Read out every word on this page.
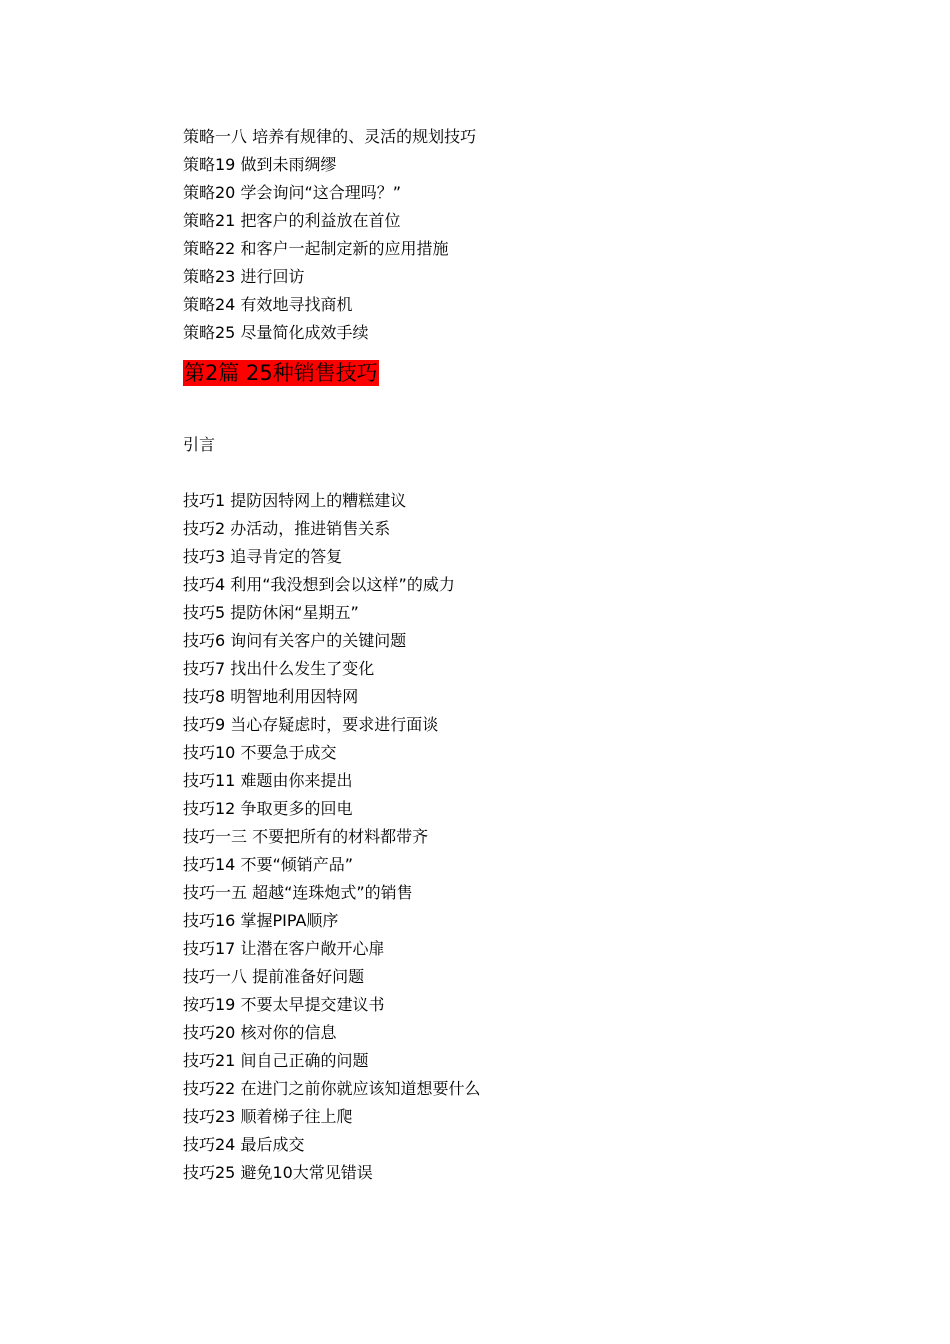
策略一八 培养有规律的、灵活的规划技巧
策略19 做到未雨绸缪
策略20 学会询问“这合理吗？”
策略21 把客户的利益放在首位
策略22 和客户一起制定新的应用措施
策略23 进行回访
策略24 有效地寻找商机
策略25 尽量简化成效手续
第2篇 25种销售技巧
引言
技巧1 提防因特网上的糟糕建议
技巧2 办活动，推进销售关系
技巧3 追寻肯定的答复
技巧4 利用“我没想到会以这样”的威力
技巧5 提防休闲“星期五”
技巧6 询问有关客户的关键问题
技巧7 找出什么发生了变化
技巧8 明智地利用因特网
技巧9 当心存疑虑时，要求进行面谈
技巧10 不要急于成交
技巧11 难题由你来提出
技巧12 争取更多的回电
技巧一三 不要把所有的材料都带齐
技巧14 不要“倾销产品”
技巧一五 超越“连珠炮式”的销售
技巧16 掌握PIPA顺序
技巧17 让潜在客户敞开心扉
技巧一八 提前准备好问题
按巧19 不要太早提交建议书
技巧20 核对你的信息
技巧21 间自己正确的问题
技巧22 在进门之前你就应该知道想要什么
技巧23 顺着梯子往上爬
技巧24 最后成交
技巧25 避免10大常见错误
